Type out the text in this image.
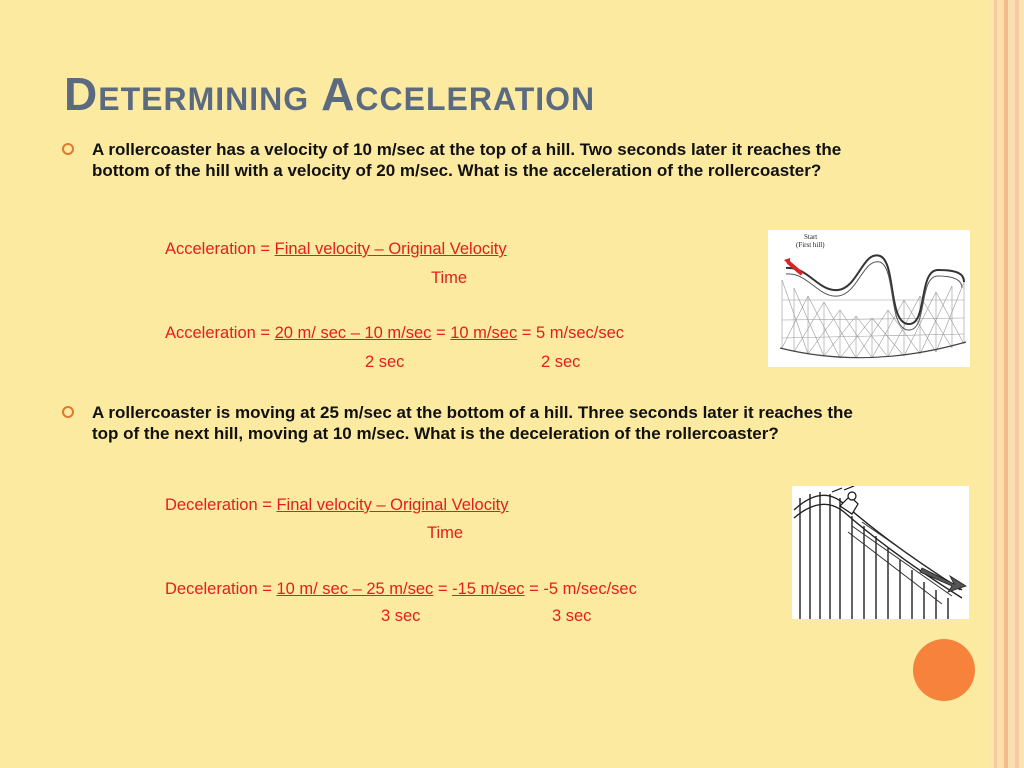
Determining Acceleration
A rollercoaster has a velocity of 10 m/sec at the top of a hill. Two seconds later it reaches the bottom of the hill with a velocity of 20 m/sec. What is the acceleration of the rollercoaster?
Acceleration = Final velocity – Original Velocity
Time
Acceleration = 20 m/ sec – 10 m/sec = 10 m/sec = 5 m/sec/sec
2 sec	2 sec
A rollercoaster is moving at 25 m/sec at the bottom of a hill. Three seconds later it reaches the top of the next hill, moving at 10 m/sec. What is the deceleration of the rollercoaster?
Deceleration = Final velocity – Original Velocity
Time
Deceleration = 10 m/ sec – 25 m/sec = -15 m/sec = -5 m/sec/sec
3 sec	3 sec
Start
(First hill)
